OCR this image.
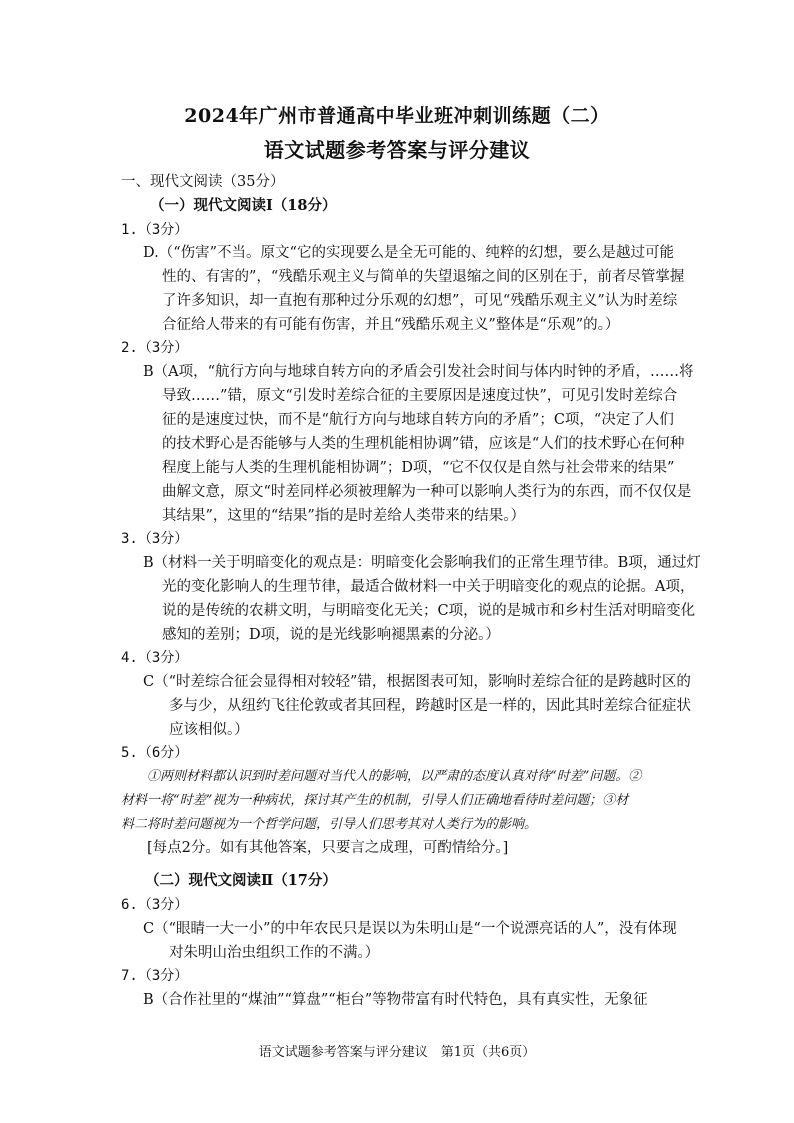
2024年广州市普通高中毕业班冲刺训练题（二）
语文试题参考答案与评分建议
一、现代文阅读（35分）
（一）现代文阅读Ⅰ（18分）
1.（3分）
D.（“伤害”不当。原文“它的实现要么是全无可能的、纯粹的幻想，要么是越过可能
性的、有害的”，“残酷乐观主义与简单的失望退缩之间的区别在于，前者尽管掌握
了许多知识，却一直抱有那种过分乐观的幻想”，可见“残酷乐观主义”认为时差综
合征给人带来的有可能有伤害，并且“残酷乐观主义”整体是“乐观”的。）
2.（3分）
B（A项，“航行方向与地球自转方向的矛盾会引发社会时间与体内时钟的矛盾，……将
导致……”错，原文“引发时差综合征的主要原因是速度过快”，可见引发时差综合
征的是速度过快，而不是“航行方向与地球自转方向的矛盾”；C项，“决定了人们
的技术野心是否能够与人类的生理机能相协调”错，应该是“人们的技术野心在何种
程度上能与人类的生理机能相协调”；D项，“它不仅仅是自然与社会带来的结果”
曲解文意，原文“时差同样必须被理解为一种可以影响人类行为的东西，而不仅仅是
其结果”，这里的“结果”指的是时差给人类带来的结果。）
3.（3分）
B（材料一关于明暗变化的观点是：明暗变化会影响我们的正常生理节律。B项，通过灯
光的变化影响人的生理节律，最适合做材料一中关于明暗变化的观点的论据。A项，
说的是传统的农耕文明，与明暗变化无关；C项，说的是城市和乡村生活对明暗变化
感知的差别；D项，说的是光线影响褪黑素的分泌。）
4.（3分）
C（“时差综合征会显得相对较轻”错，根据图表可知，影响时差综合征的是跨越时区的
多与少，从纽约飞往伦敦或者其回程，跨越时区是一样的，因此其时差综合征症状
应该相似。）
5.（6分）
①两则材料都认识到时差问题对当代人的影响，以严肃的态度认真对待“时差”问题。②
材料一将“时差”视为一种病状，探讨其产生的机制，引导人们正确地看待时差问题；③材
料二将时差问题视为一个哲学问题，引导人们思考其对人类行为的影响。
[每点2分。如有其他答案，只要言之成理，可酌情给分。]
（二）现代文阅读Ⅱ（17分）
6.（3分）
C（“眼睛一大一小”的中年农民只是误以为朱明山是“一个说漂亮话的人”，没有体现
对朱明山治虫组织工作的不满。）
7.（3分）
B（合作社里的“煤油”“算盘”“柜台”等物带富有时代特色，具有真实性，无象征
语文试题参考答案与评分建议　第1页（共6页）
